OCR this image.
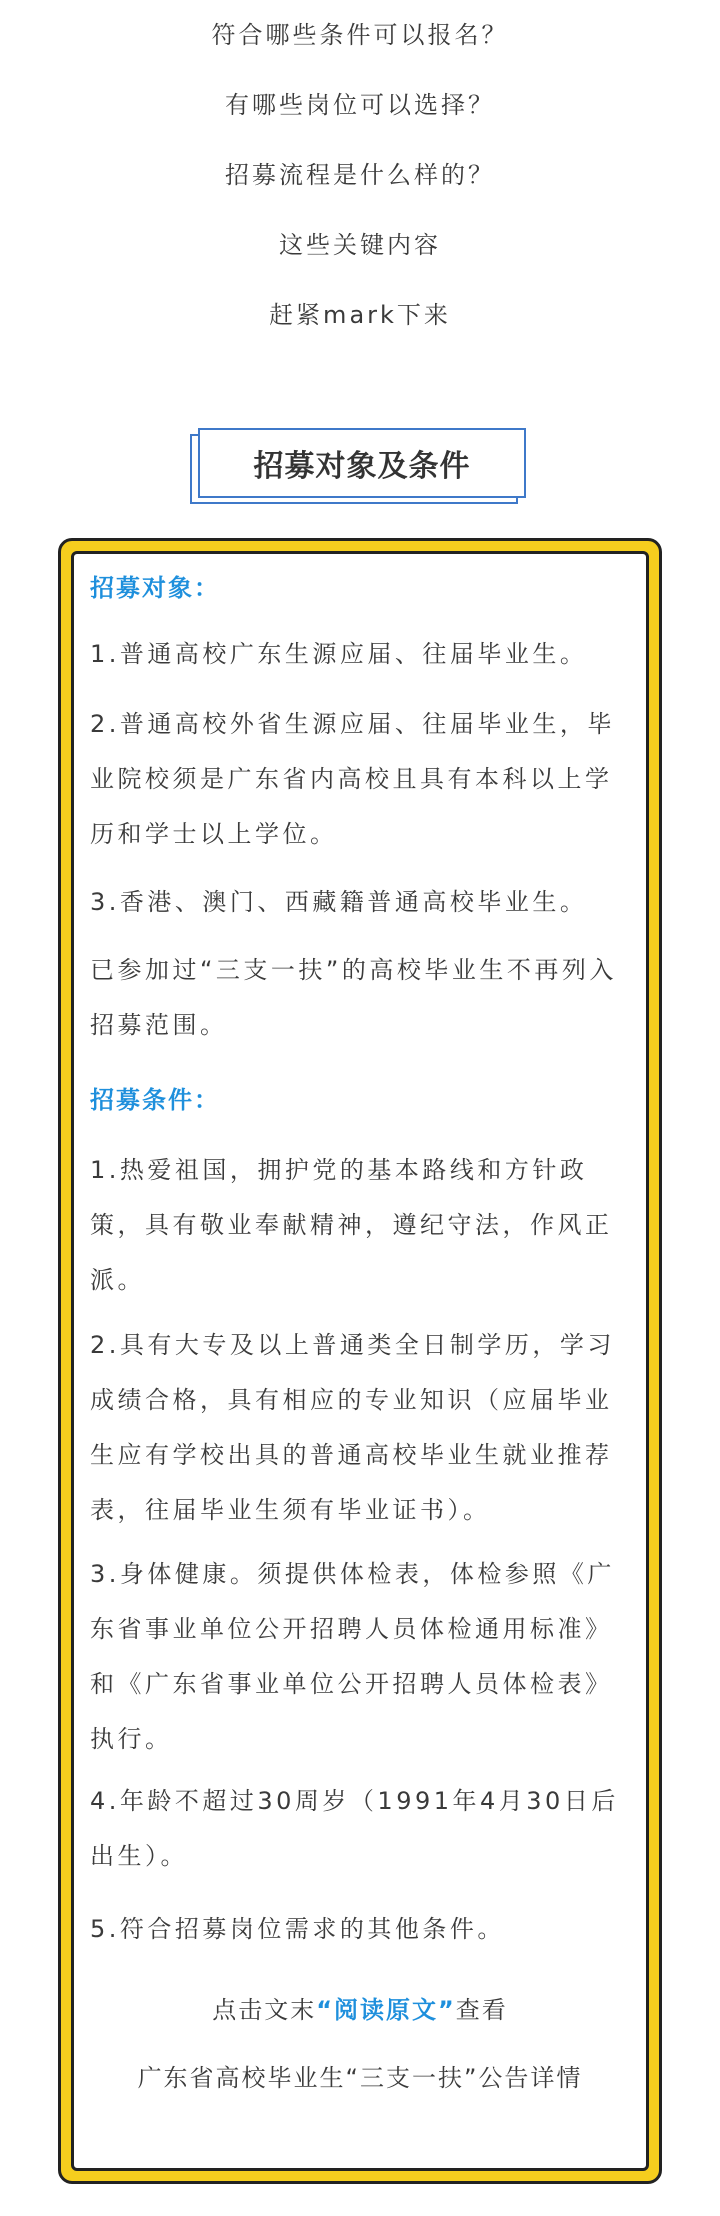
符合哪些条件可以报名？
有哪些岗位可以选择？
招募流程是什么样的？
这些关键内容
赶紧mark下来
招募对象及条件
招募对象：
1.普通高校广东生源应届、往届毕业生。
2.普通高校外省生源应届、往届毕业生，毕业院校须是广东省内高校且具有本科以上学历和学士以上学位。
3.香港、澳门、西藏籍普通高校毕业生。
已参加过“三支一扶”的高校毕业生不再列入招募范围。
招募条件：
1.热爱祖国，拥护党的基本路线和方针政策，具有敬业奉献精神，遵纪守法，作风正派。
2.具有大专及以上普通类全日制学历，学习成绩合格，具有相应的专业知识（应届毕业生应有学校出具的普通高校毕业生就业推荐表，往届毕业生须有毕业证书）。
3.身体健康。须提供体检表，体检参照《广东省事业单位公开招聘人员体检通用标准》和《广东省事业单位公开招聘人员体检表》执行。
4.年龄不超过30周岁（1991年4月30日后出生）。
5.符合招募岗位需求的其他条件。
点击文末“阅读原文”查看
广东省高校毕业生“三支一扶”公告详情
